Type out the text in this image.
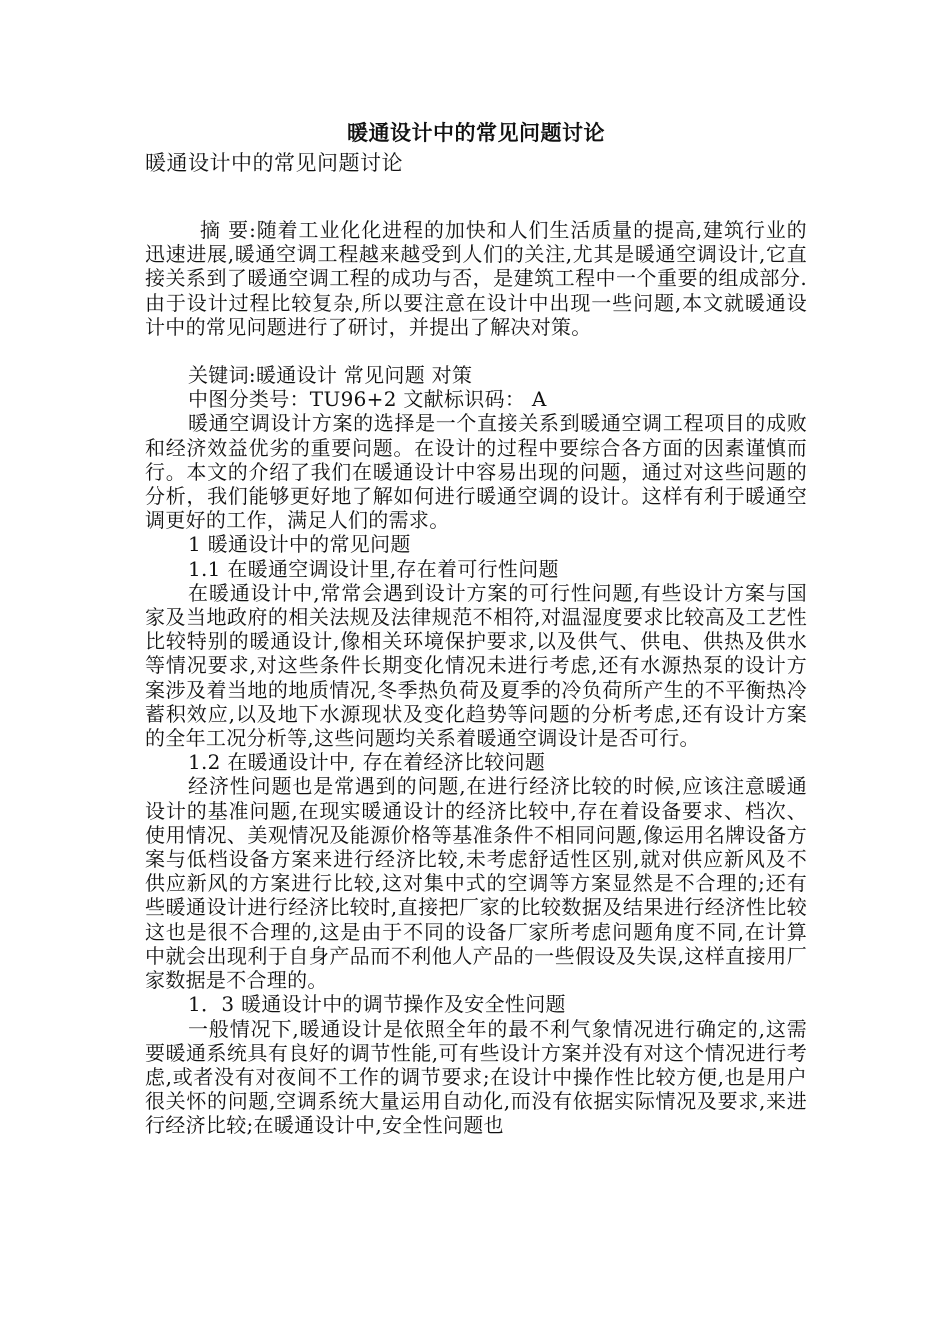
暖通设计中的常见问题讨论

暖通设计中的常见问题讨论

摘 要:随着工业化化进程的加快和人们生活质量的提高,建筑行业的迅速进展,暖通空调工程越来越受到人们的关注,尤其是暖通空调设计,它直接关系到了暖通空调工程的成功与否，是建筑工程中一个重要的组成部分.由于设计过程比较复杂,所以要注意在设计中出现一些问题,本文就暖通设计中的常见问题进行了研讨，并提出了解决对策。

关键词:暖通设计 常见问题 对策

中图分类号：TU96+2 文献标识码： A

暖通空调设计方案的选择是一个直接关系到暖通空调工程项目的成败和经济效益优劣的重要问题。在设计的过程中要综合各方面的因素谨慎而行。本文的介绍了我们在暖通设计中容易出现的问题，通过对这些问题的分析，我们能够更好地了解如何进行暖通空调的设计。这样有利于暖通空调更好的工作，满足人们的需求。

1 暖通设计中的常见问题

1.1 在暖通空调设计里,存在着可行性问题

在暖通设计中,常常会遇到设计方案的可行性问题,有些设计方案与国家及当地政府的相关法规及法律规范不相符,对温湿度要求比较高及工艺性比较特别的暖通设计,像相关环境保护要求,以及供气、供电、供热及供水等情况要求,对这些条件长期变化情况未进行考虑,还有水源热泵的设计方案涉及着当地的地质情况,冬季热负荷及夏季的冷负荷所产生的不平衡热冷蓄积效应,以及地下水源现状及变化趋势等问题的分析考虑,还有设计方案的全年工况分析等,这些问题均关系着暖通空调设计是否可行。

1.2 在暖通设计中, 存在着经济比较问题

经济性问题也是常遇到的问题,在进行经济比较的时候,应该注意暖通设计的基准问题,在现实暖通设计的经济比较中,存在着设备要求、档次、使用情况、美观情况及能源价格等基准条件不相同问题,像运用名牌设备方案与低档设备方案来进行经济比较,未考虑舒适性区别,就对供应新风及不供应新风的方案进行比较,这对集中式的空调等方案显然是不合理的;还有些暖通设计进行经济比较时,直接把厂家的比较数据及结果进行经济性比较这也是很不合理的,这是由于不同的设备厂家所考虑问题角度不同,在计算中就会出现利于自身产品而不利他人产品的一些假设及失误,这样直接用厂家数据是不合理的。

1．3 暖通设计中的调节操作及安全性问题

一般情况下,暖通设计是依照全年的最不利气象情况进行确定的,这需要暖通系统具有良好的调节性能,可有些设计方案并没有对这个情况进行考虑,或者没有对夜间不工作的调节要求;在设计中操作性比较方便,也是用户很关怀的问题,空调系统大量运用自动化,而没有依据实际情况及要求,来进行经济比较;在暖通设计中,安全性问题也
